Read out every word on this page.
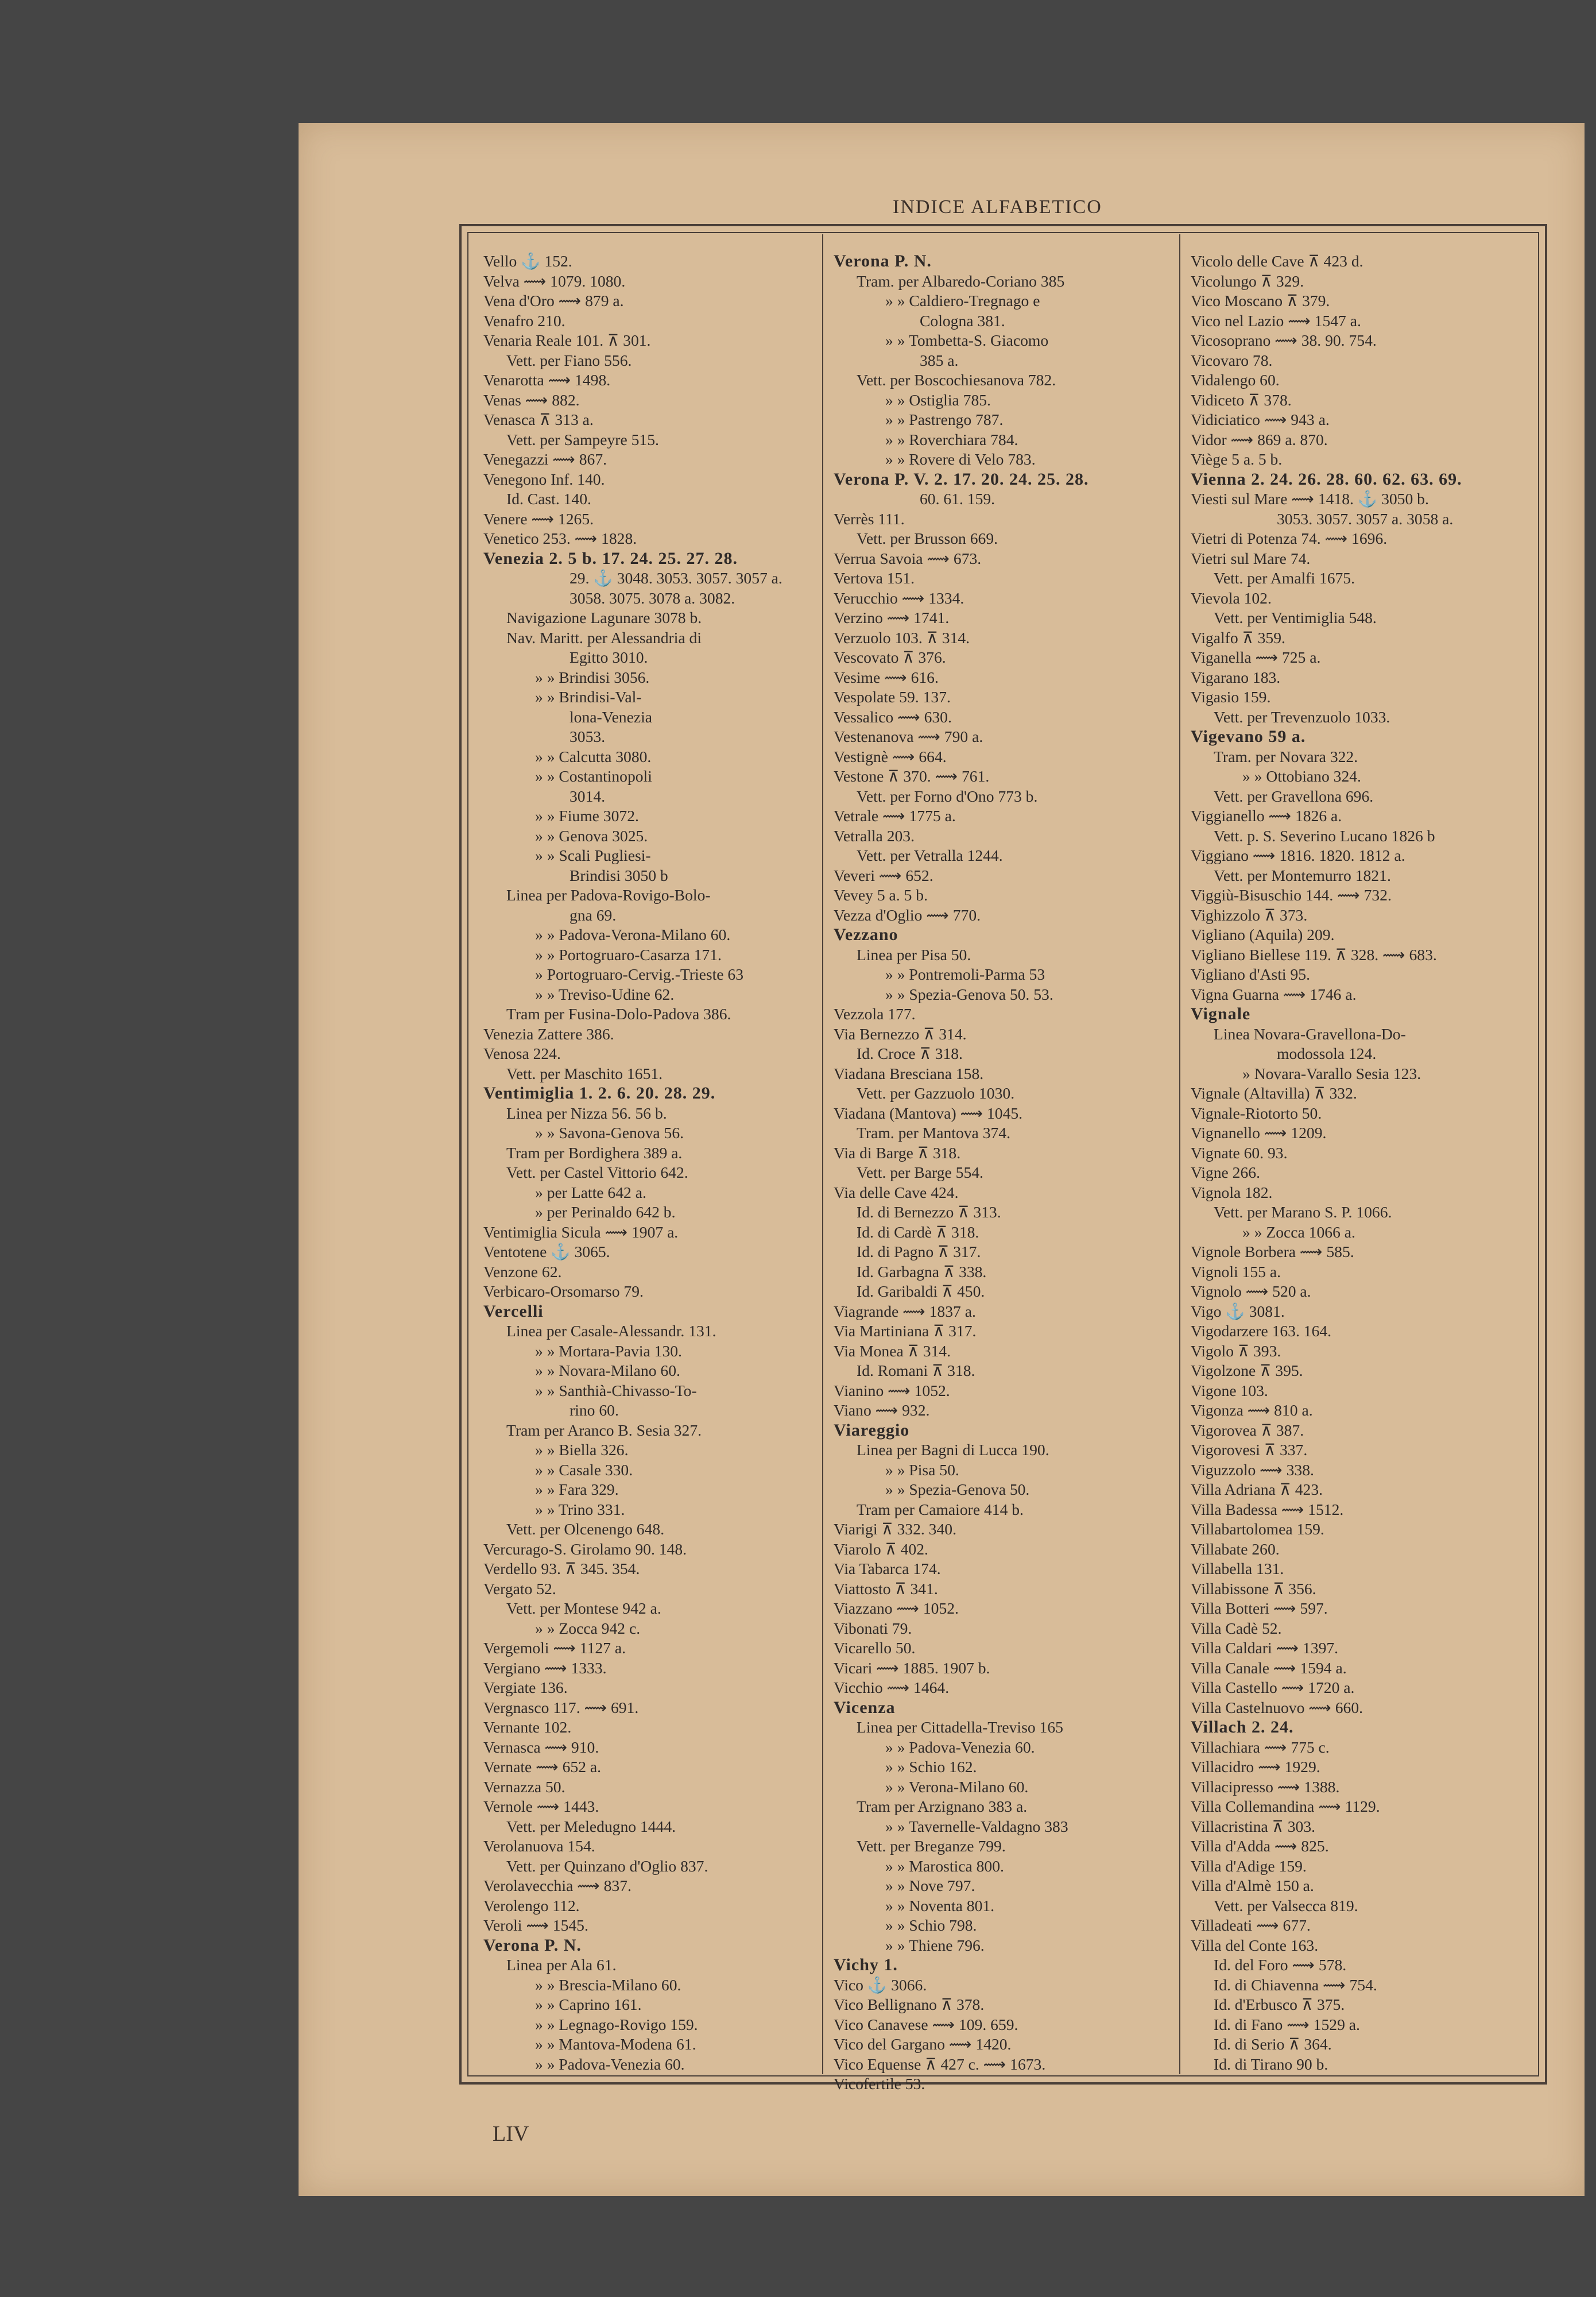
INDICE ALFABETICO
Vello ⚓ 152.
Velva ⟿ 1079. 1080.
Vena d'Oro ⟿ 879 a.
Venafro 210.
Venaria Reale 101. ⊼ 301.
Vett. per Fiano 556.
Venarotta ⟿ 1498.
Venas ⟿ 882.
Venasca ⊼ 313 a.
Vett. per Sampeyre 515.
Venegazzi ⟿ 867.
Venegono Inf. 140.
Id. Cast. 140.
Venere ⟿ 1265.
Venetico 253. ⟿ 1828.
Venezia 2. 5 b. 17. 24. 25. 27. 28.
29. ⚓ 3048. 3053. 3057. 3057 a.
3058. 3075. 3078 a. 3082.
Navigazione Lagunare 3078 b.
Nav. Maritt. per Alessandria di
Egitto 3010.
» » Brindisi 3056.
» » Brindisi-Val-
lona-Venezia
3053.
» » Calcutta 3080.
» » Costantinopoli
3014.
» » Fiume 3072.
» » Genova 3025.
» » Scali Pugliesi-
Brindisi 3050 b
Linea per Padova-Rovigo-Bolo-
gna 69.
» » Padova-Verona-Milano 60.
» » Portogruaro-Casarza 171.
» Portogruaro-Cervig.-Trieste 63
» » Treviso-Udine 62.
Tram per Fusina-Dolo-Padova 386.
Venezia Zattere 386.
Venosa 224.
Vett. per Maschito 1651.
Ventimiglia 1. 2. 6. 20. 28. 29.
Linea per Nizza 56. 56 b.
» » Savona-Genova 56.
Tram per Bordighera 389 a.
Vett. per Castel Vittorio 642.
» per Latte 642 a.
» per Perinaldo 642 b.
Ventimiglia Sicula ⟿ 1907 a.
Ventotene ⚓ 3065.
Venzone 62.
Verbicaro-Orsomarso 79.
Vercelli
Linea per Casale-Alessandr. 131.
» » Mortara-Pavia 130.
» » Novara-Milano 60.
» » Santhià-Chivasso-To-
rino 60.
Tram per Aranco B. Sesia 327.
» » Biella 326.
» » Casale 330.
» » Fara 329.
» » Trino 331.
Vett. per Olcenengo 648.
Vercurago-S. Girolamo 90. 148.
Verdello 93. ⊼ 345. 354.
Vergato 52.
Vett. per Montese 942 a.
» » Zocca 942 c.
Vergemoli ⟿ 1127 a.
Vergiano ⟿ 1333.
Vergiate 136.
Vergnasco 117. ⟿ 691.
Vernante 102.
Vernasca ⟿ 910.
Vernate ⟿ 652 a.
Vernazza 50.
Vernole ⟿ 1443.
Vett. per Meledugno 1444.
Verolanuova 154.
Vett. per Quinzano d'Oglio 837.
Verolavecchia ⟿ 837.
Verolengo 112.
Veroli ⟿ 1545.
Verona P. N.
Linea per Ala 61.
» » Brescia-Milano 60.
» » Caprino 161.
» » Legnago-Rovigo 159.
» » Mantova-Modena 61.
» » Padova-Venezia 60.
Verona P. N.
Tram. per Albaredo-Coriano 385
» » Caldiero-Tregnago e
Cologna 381.
» » Tombetta-S. Giacomo
385 a.
Vett. per Boscochiesanova 782.
» » Ostiglia 785.
» » Pastrengo 787.
» » Roverchiara 784.
» » Rovere di Velo 783.
Verona P. V. 2. 17. 20. 24. 25. 28.
60. 61. 159.
Verrès 111.
Vett. per Brusson 669.
Verrua Savoia ⟿ 673.
Vertova 151.
Verucchio ⟿ 1334.
Verzino ⟿ 1741.
Verzuolo 103. ⊼ 314.
Vescovato ⊼ 376.
Vesime ⟿ 616.
Vespolate 59. 137.
Vessalico ⟿ 630.
Vestenanova ⟿ 790 a.
Vestignè ⟿ 664.
Vestone ⊼ 370. ⟿ 761.
Vett. per Forno d'Ono 773 b.
Vetrale ⟿ 1775 a.
Vetralla 203.
Vett. per Vetralla 1244.
Veveri ⟿ 652.
Vevey 5 a. 5 b.
Vezza d'Oglio ⟿ 770.
Vezzano
Linea per Pisa 50.
» » Pontremoli-Parma 53
» » Spezia-Genova 50. 53.
Vezzola 177.
Via Bernezzo ⊼ 314.
Id. Croce ⊼ 318.
Viadana Bresciana 158.
Vett. per Gazzuolo 1030.
Viadana (Mantova) ⟿ 1045.
Tram. per Mantova 374.
Via di Barge ⊼ 318.
Vett. per Barge 554.
Via delle Cave 424.
Id. di Bernezzo ⊼ 313.
Id. di Cardè ⊼ 318.
Id. di Pagno ⊼ 317.
Id. Garbagna ⊼ 338.
Id. Garibaldi ⊼ 450.
Viagrande ⟿ 1837 a.
Via Martiniana ⊼ 317.
Via Monea ⊼ 314.
Id. Romani ⊼ 318.
Vianino ⟿ 1052.
Viano ⟿ 932.
Viareggio
Linea per Bagni di Lucca 190.
» » Pisa 50.
» » Spezia-Genova 50.
Tram per Camaiore 414 b.
Viarigi ⊼ 332. 340.
Viarolo ⊼ 402.
Via Tabarca 174.
Viattosto ⊼ 341.
Viazzano ⟿ 1052.
Vibonati 79.
Vicarello 50.
Vicari ⟿ 1885. 1907 b.
Vicchio ⟿ 1464.
Vicenza
Linea per Cittadella-Treviso 165
» » Padova-Venezia 60.
» » Schio 162.
» » Verona-Milano 60.
Tram per Arzignano 383 a.
» » Tavernelle-Valdagno 383
Vett. per Breganze 799.
» » Marostica 800.
» » Nove 797.
» » Noventa 801.
» » Schio 798.
» » Thiene 796.
Vichy 1.
Vico ⚓ 3066.
Vico Bellignano ⊼ 378.
Vico Canavese ⟿ 109. 659.
Vico del Gargano ⟿ 1420.
Vico Equense ⊼ 427 c. ⟿ 1673.
Vicofertile 53.
Vicolo delle Cave ⊼ 423 d.
Vicolungo ⊼ 329.
Vico Moscano ⊼ 379.
Vico nel Lazio ⟿ 1547 a.
Vicosoprano ⟿ 38. 90. 754.
Vicovaro 78.
Vidalengo 60.
Vidiceto ⊼ 378.
Vidiciatico ⟿ 943 a.
Vidor ⟿ 869 a. 870.
Viège 5 a. 5 b.
Vienna 2. 24. 26. 28. 60. 62. 63. 69.
Viesti sul Mare ⟿ 1418. ⚓ 3050 b.
3053. 3057. 3057 a. 3058 a.
Vietri di Potenza 74. ⟿ 1696.
Vietri sul Mare 74.
Vett. per Amalfi 1675.
Vievola 102.
Vett. per Ventimiglia 548.
Vigalfo ⊼ 359.
Viganella ⟿ 725 a.
Vigarano 183.
Vigasio 159.
Vett. per Trevenzuolo 1033.
Vigevano 59 a.
Tram. per Novara 322.
» » Ottobiano 324.
Vett. per Gravellona 696.
Viggianello ⟿ 1826 a.
Vett. p. S. Severino Lucano 1826 b
Viggiano ⟿ 1816. 1820. 1812 a.
Vett. per Montemurro 1821.
Viggiù-Bisuschio 144. ⟿ 732.
Vighizzolo ⊼ 373.
Vigliano (Aquila) 209.
Vigliano Biellese 119. ⊼ 328. ⟿ 683.
Vigliano d'Asti 95.
Vigna Guarna ⟿ 1746 a.
Vignale
Linea Novara-Gravellona-Do-
modossola 124.
» Novara-Varallo Sesia 123.
Vignale (Altavilla) ⊼ 332.
Vignale-Riotorto 50.
Vignanello ⟿ 1209.
Vignate 60. 93.
Vigne 266.
Vignola 182.
Vett. per Marano S. P. 1066.
» » Zocca 1066 a.
Vignole Borbera ⟿ 585.
Vignoli 155 a.
Vignolo ⟿ 520 a.
Vigo ⚓ 3081.
Vigodarzere 163. 164.
Vigolo ⊼ 393.
Vigolzone ⊼ 395.
Vigone 103.
Vigonza ⟿ 810 a.
Vigorovea ⊼ 387.
Vigorovesi ⊼ 337.
Viguzzolo ⟿ 338.
Villa Adriana ⊼ 423.
Villa Badessa ⟿ 1512.
Villabartolomea 159.
Villabate 260.
Villabella 131.
Villabissone ⊼ 356.
Villa Botteri ⟿ 597.
Villa Cadè 52.
Villa Caldari ⟿ 1397.
Villa Canale ⟿ 1594 a.
Villa Castello ⟿ 1720 a.
Villa Castelnuovo ⟿ 660.
Villach 2. 24.
Villachiara ⟿ 775 c.
Villacidro ⟿ 1929.
Villacipresso ⟿ 1388.
Villa Collemandina ⟿ 1129.
Villacristina ⊼ 303.
Villa d'Adda ⟿ 825.
Villa d'Adige 159.
Villa d'Almè 150 a.
Vett. per Valsecca 819.
Villadeati ⟿ 677.
Villa del Conte 163.
Id. del Foro ⟿ 578.
Id. di Chiavenna ⟿ 754.
Id. d'Erbusco ⊼ 375.
Id. di Fano ⟿ 1529 a.
Id. di Serio ⊼ 364.
Id. di Tirano 90 b.
LIV
